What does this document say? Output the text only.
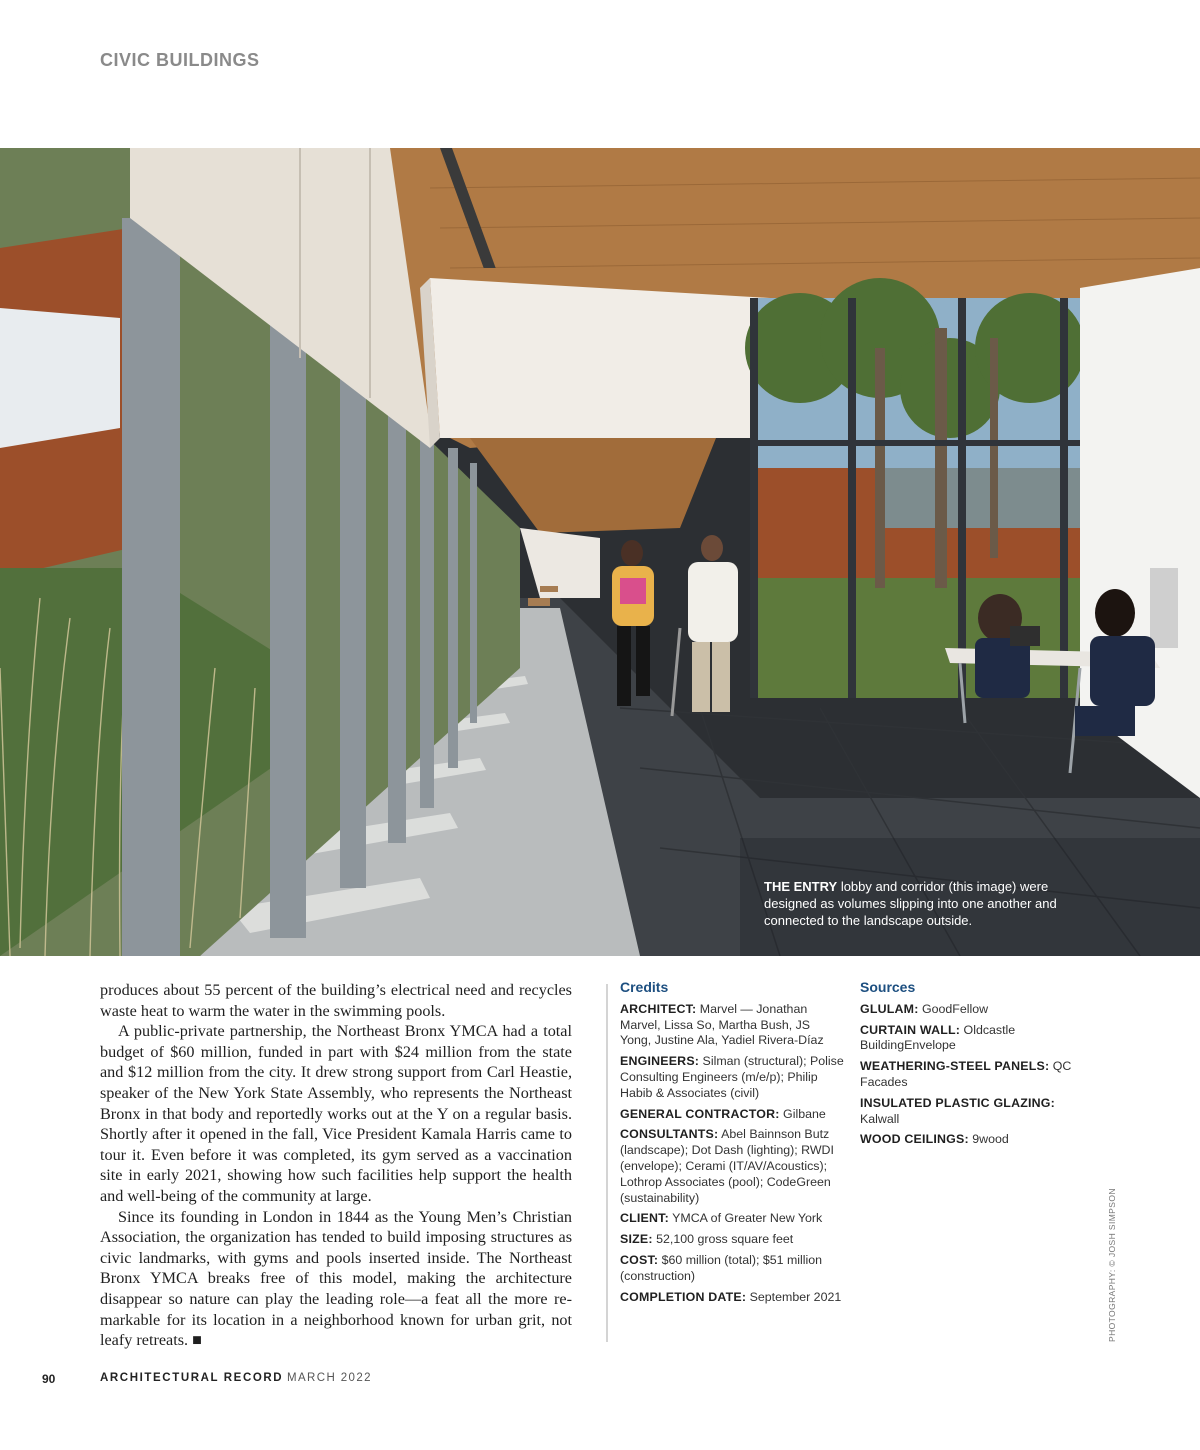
CIVIC BUILDINGS
THE ENTRY lobby and corridor (this image) were designed as volumes slipping into one another and connected to the landscape outside.

produces about 55 percent of the building’s electrical need and recycles waste heat to warm the water in the swimming pools.

A public-private partnership, the Northeast Bronx YMCA had a total budget of $60 million, funded in part with $24 million from the state and $12 million from the city. It drew strong support from Carl Heastie, speaker of the New York State Assembly, who represents the Northeast Bronx in that body and reportedly works out at the Y on a regular basis. Shortly after it opened in the fall, Vice President Kamala Harris came to tour it. Even before it was completed, its gym served as a vaccination site in early 2021, showing how such facilities help support the health and well-being of the community at large.

Since its founding in London in 1844 as the Young Men’s Christian Association, the organization has tended to build imposing structures as civic landmarks, with gyms and pools inserted inside. The Northeast Bronx YMCA breaks free of this model, making the architecture disappear so nature can play the leading role—a feat all the more remarkable for its location in a neighborhood known for urban grit, not leafy retreats. ■

Credits
ARCHITECT: Marvel — Jonathan Marvel, Lissa So, Martha Bush, JS Yong, Justine Ala, Yadiel Rivera-Díaz
ENGINEERS: Silman (structural); Polise Consulting Engineers (m/e/p); Philip Habib & Associates (civil)
GENERAL CONTRACTOR: Gilbane
CONSULTANTS: Abel Bainnson Butz (landscape); Dot Dash (lighting); RWDI (envelope); Cerami (IT/AV/Acoustics); Lothrop Associates (pool); CodeGreen (sustainability)
CLIENT: YMCA of Greater New York
SIZE: 52,100 gross square feet
COST: $60 million (total); $51 million (construction)
COMPLETION DATE: September 2021
Sources
GLULAM: GoodFellow
CURTAIN WALL: Oldcastle BuildingEnvelope
WEATHERING-STEEL PANELS: QC Facades
INSULATED PLASTIC GLAZING: Kalwall
WOOD CEILINGS: 9wood
PHOTOGRAPHY: © JOSH SIMPSON
90	ARCHITECTURAL RECORD MARCH 2022
